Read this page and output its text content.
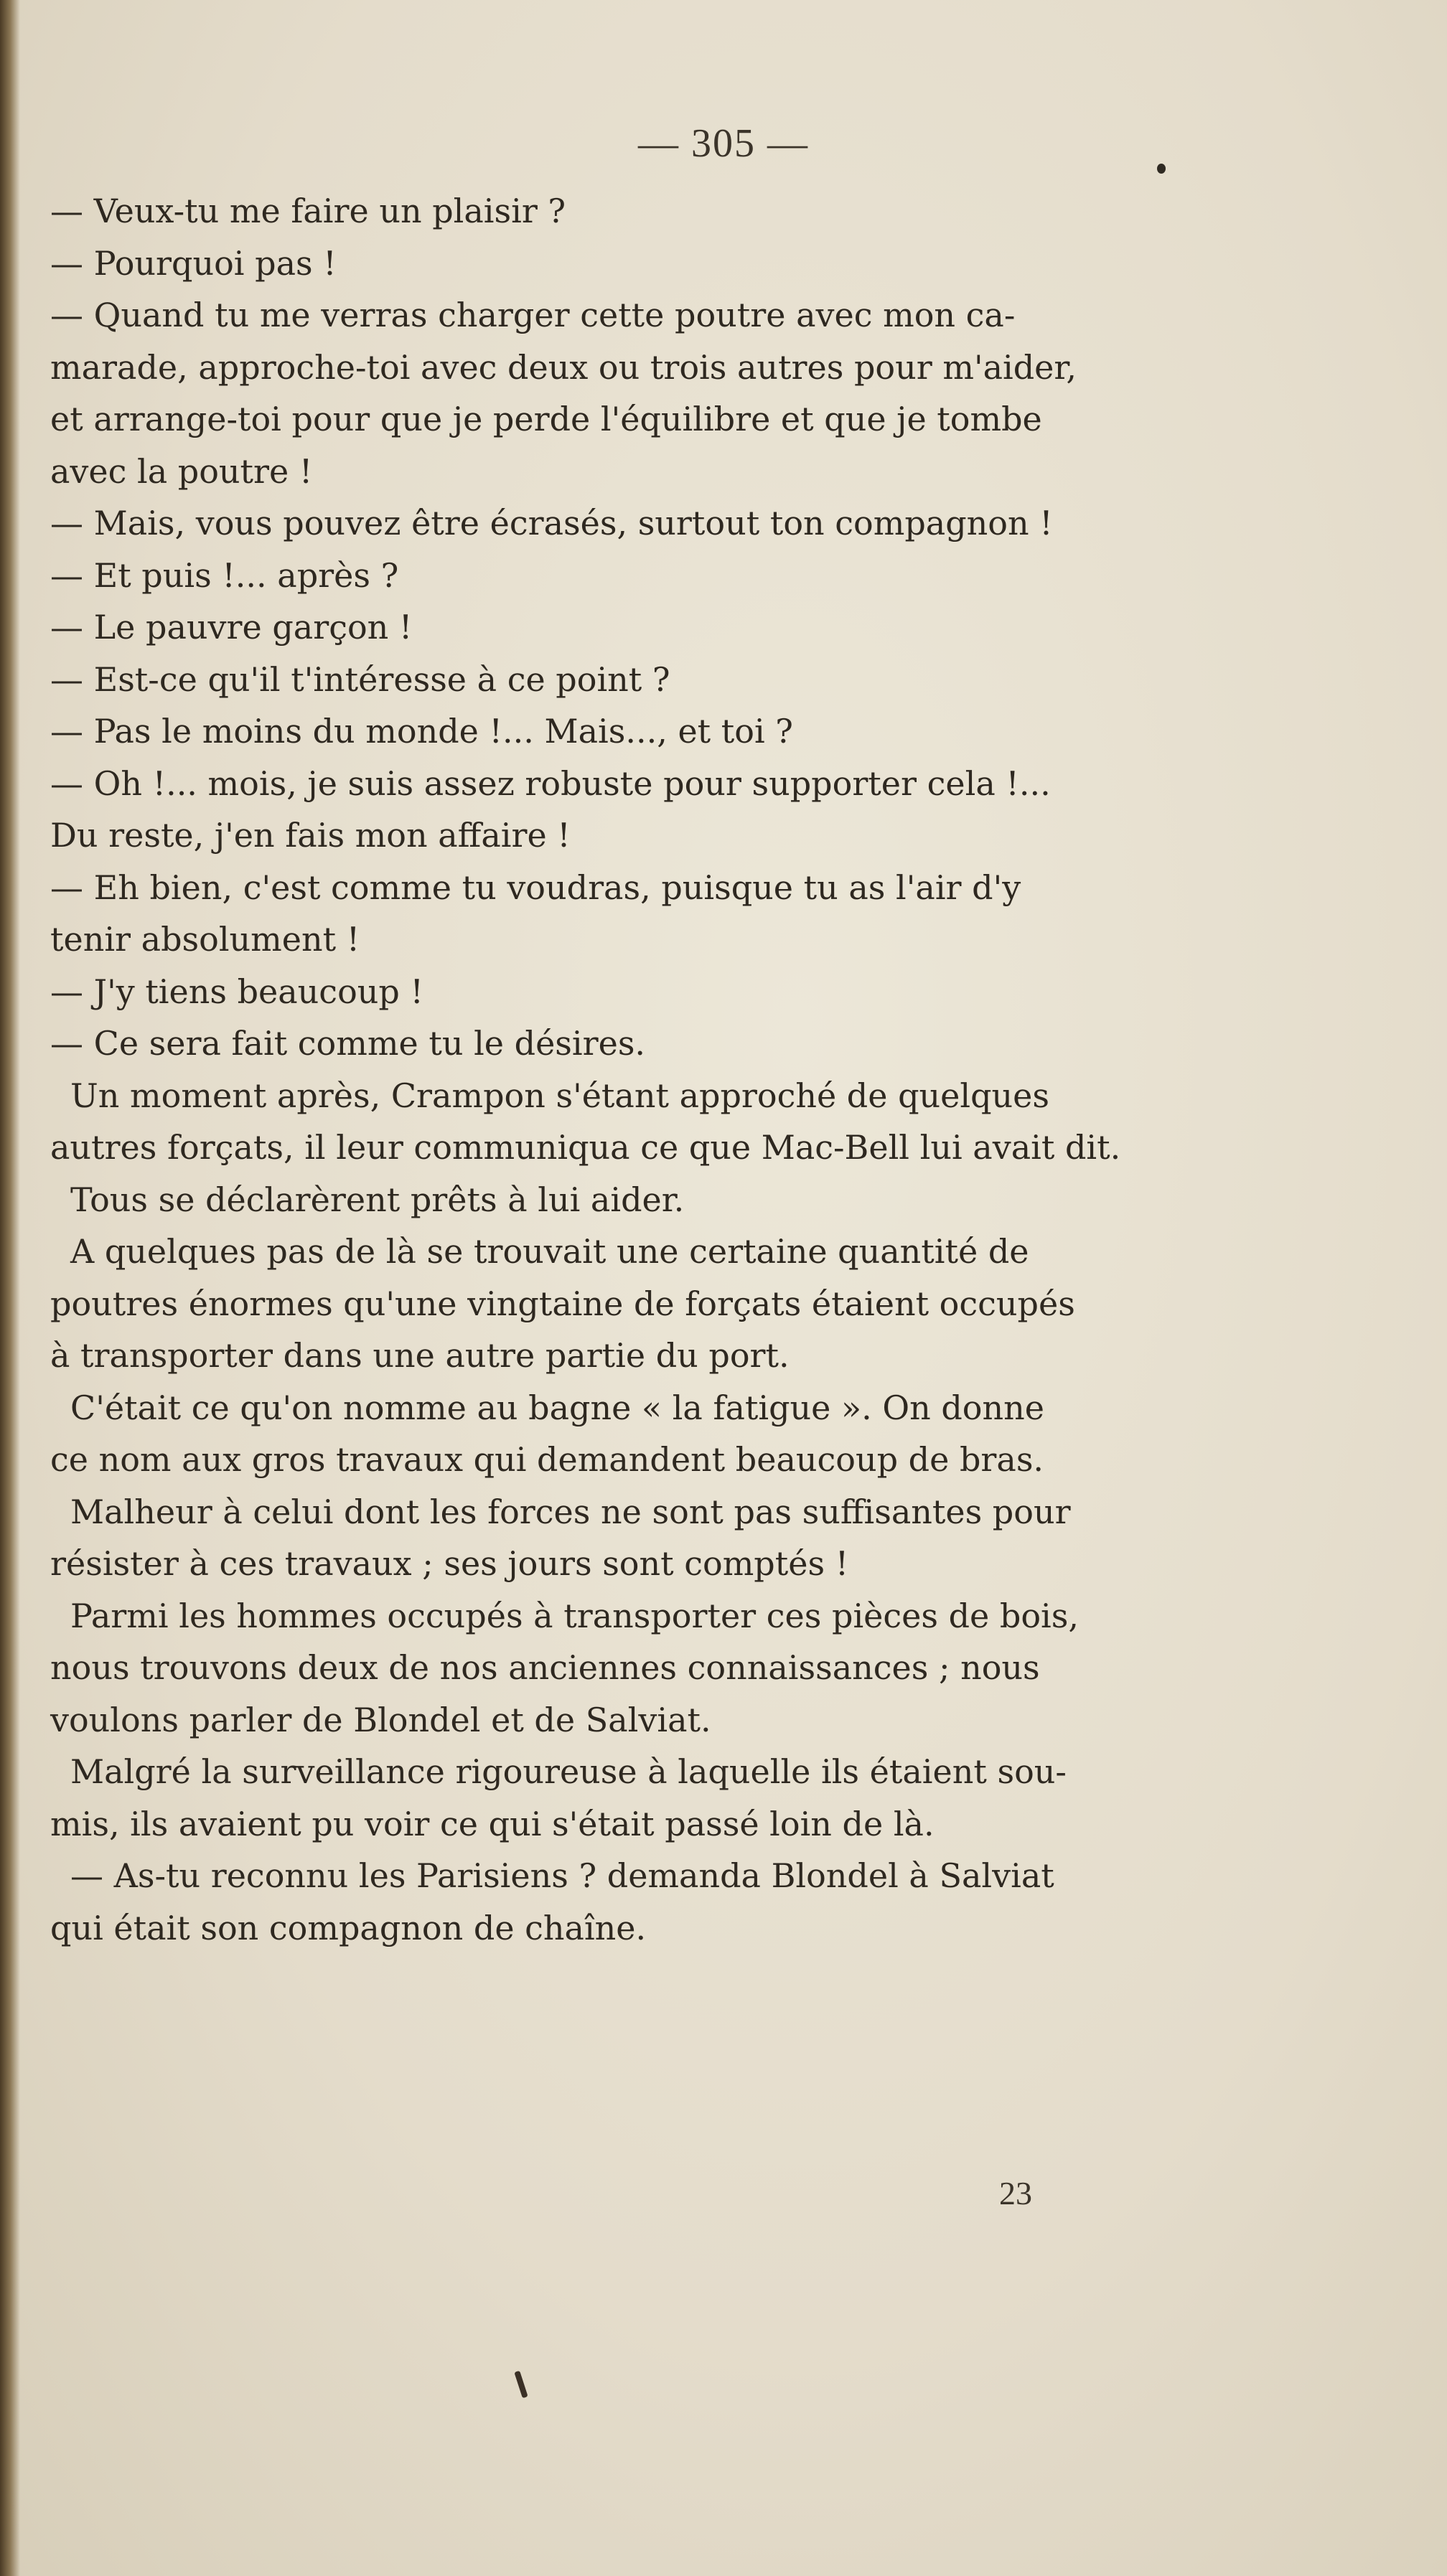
— 305 —
— Veux-tu me faire un plaisir ?
— Pourquoi pas !
— Quand tu me verras charger cette poutre avec mon ca-
marade, approche-toi avec deux ou trois autres pour m'aider,
et arrange-toi pour que je perde l'équilibre et que je tombe
avec la poutre !
— Mais, vous pouvez être écrasés, surtout ton compagnon !
— Et puis !... après ?
— Le pauvre garçon !
— Est-ce qu'il t'intéresse à ce point ?
— Pas le moins du monde !... Mais..., et toi ?
— Oh !... mois, je suis assez robuste pour supporter cela !...
Du reste, j'en fais mon affaire !
— Eh bien, c'est comme tu voudras, puisque tu as l'air d'y
tenir absolument !
— J'y tiens beaucoup !
— Ce sera fait comme tu le désires.
Un moment après, Crampon s'étant approché de quelques
autres forçats, il leur communiqua ce que Mac-Bell lui avait dit.
Tous se déclarèrent prêts à lui aider.
A quelques pas de là se trouvait une certaine quantité de
poutres énormes qu'une vingtaine de forçats étaient occupés
à transporter dans une autre partie du port.
C'était ce qu'on nomme au bagne « la fatigue ». On donne
ce nom aux gros travaux qui demandent beaucoup de bras.
Malheur à celui dont les forces ne sont pas suffisantes pour
résister à ces travaux ; ses jours sont comptés !
Parmi les hommes occupés à transporter ces pièces de bois,
nous trouvons deux de nos anciennes connaissances ; nous
voulons parler de Blondel et de Salviat.
Malgré la surveillance rigoureuse à laquelle ils étaient sou-
mis, ils avaient pu voir ce qui s'était passé loin de là.
— As-tu reconnu les Parisiens ? demanda Blondel à Salviat
qui était son compagnon de chaîne.
23
